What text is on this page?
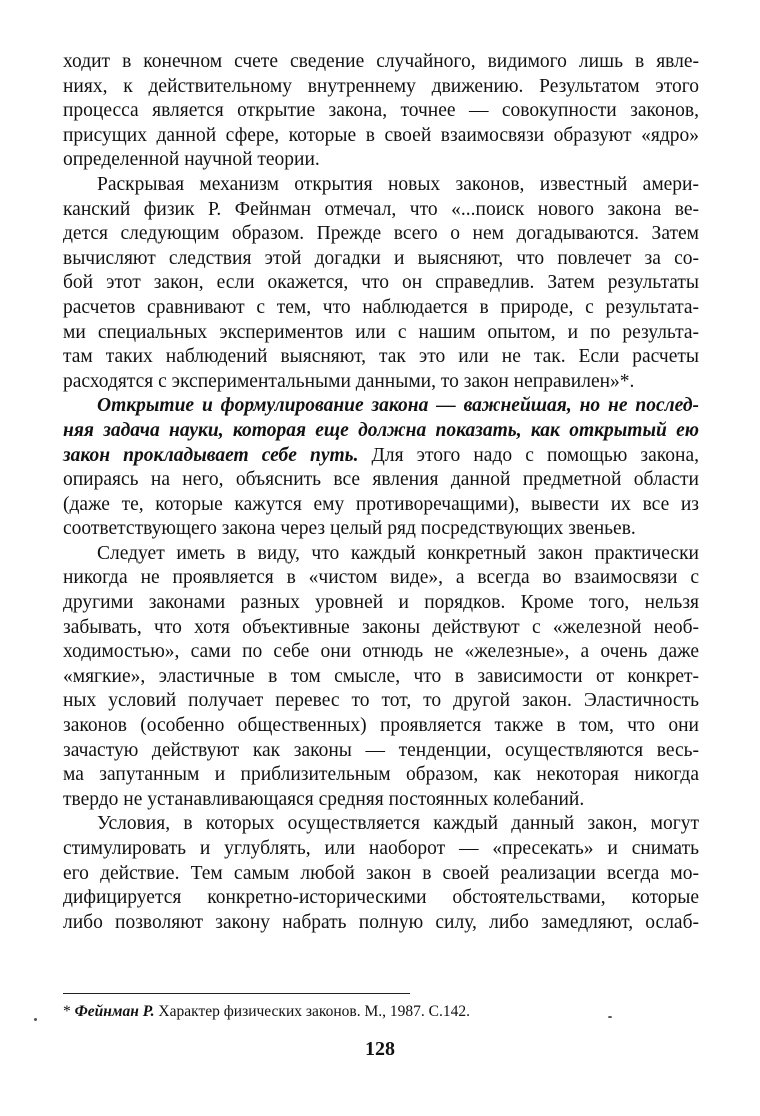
ходит в конечном счете сведение случайного, видимого лишь в явле-
ниях, к действительному внутреннему движению. Результатом этого
процесса является открытие закона, точнее — совокупности законов,
присущих данной сфере, которые в своей взаимосвязи образуют «ядро»
определенной научной теории.

Раскрывая механизм открытия новых законов, известный амери-
канский физик Р. Фейнман отмечал, что «...поиск нового закона ве-
дется следующим образом. Прежде всего о нем догадываются. Затем
вычисляют следствия этой догадки и выясняют, что повлечет за со-
бой этот закон, если окажется, что он справедлив. Затем результаты
расчетов сравнивают с тем, что наблюдается в природе, с результата-
ми специальных экспериментов или с нашим опытом, и по результа-
там таких наблюдений выясняют, так это или не так. Если расчеты
расходятся с экспериментальными данными, то закон неправилен»*.

Открытие и формулирование закона — важнейшая, но не послед-
няя задача науки, которая еще должна показать, как открытый ею
закон прокладывает себе путь. Для этого надо с помощью закона,
опираясь на него, объяснить все явления данной предметной области
(даже те, которые кажутся ему противоречащими), вывести их все из
соответствующего закона через целый ряд посредствующих звеньев.

Следует иметь в виду, что каждый конкретный закон практически
никогда не проявляется в «чистом виде», а всегда во взаимосвязи с
другими законами разных уровней и порядков. Кроме того, нельзя
забывать, что хотя объективные законы действуют с «железной необ-
ходимостью», сами по себе они отнюдь не «железные», а очень даже
«мягкие», эластичные в том смысле, что в зависимости от конкрет-
ных условий получает перевес то тот, то другой закон. Эластичность
законов (особенно общественных) проявляется также в том, что они
зачастую действуют как законы — тенденции, осуществляются весь-
ма запутанным и приблизительным образом, как некоторая никогда
твердо не устанавливающаяся средняя постоянных колебаний.

Условия, в которых осуществляется каждый данный закон, могут
стимулировать и углублять, или наоборот — «пресекать» и снимать
его действие. Тем самым любой закон в своей реализации всегда мо-
дифицируется конкретно-историческими обстоятельствами, которые
либо позволяют закону набрать полную силу, либо замедляют, ослаб-

* Фейнман Р. Характер физических законов. М., 1987. С.142.
128
